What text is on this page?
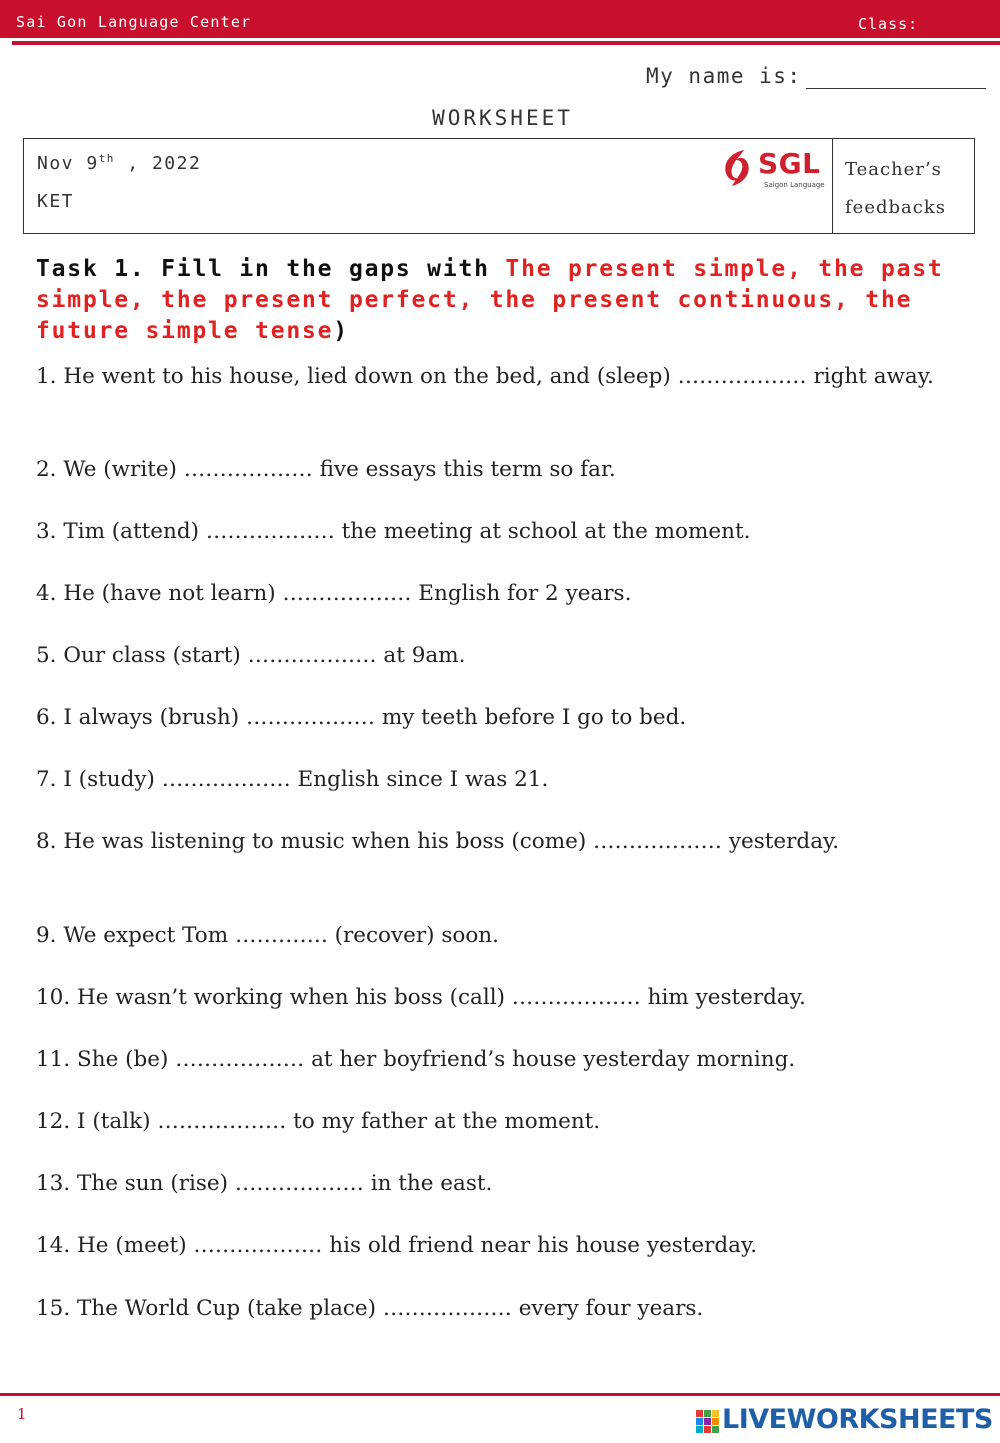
Sai Gon Language Center	Class:
My name is:
WORKSHEET
Nov 9th , 2022
KET
SGL
Saigon Language
Teacher’s
feedbacks
Task 1. Fill in the gaps with The present simple, the past simple, the present perfect, the present continuous, the future simple tense)
1. He went to his house, lied down on the bed, and (sleep) ……………… right away.
2. We (write) ……………… five essays this term so far.
3. Tim (attend) ……………… the meeting at school at the moment.
4. He (have not learn) ……………… English for 2 years.
5. Our class (start) ……………… at 9am.
6. I always (brush) ……………… my teeth before I go to bed.
7. I (study) ……………… English since I was 21.
8. He was listening to music when his boss (come) ……………… yesterday.
9. We expect Tom …………. (recover) soon.
10. He wasn’t working when his boss (call) ……………… him yesterday.
11. She (be) ……………… at her boyfriend’s house yesterday morning.
12. I (talk) ……………… to my father at the moment.
13. The sun (rise) ……………… in the east.
14. He (meet) ……………… his old friend near his house yesterday.
15. The World Cup (take place) ……………… every four years.
1	LIVEWORKSHEETS
